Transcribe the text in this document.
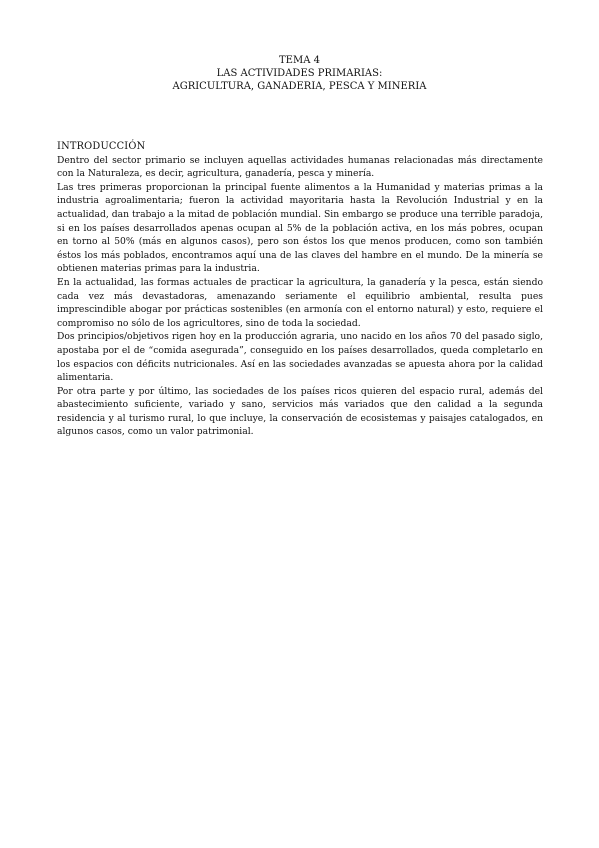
TEMA 4
LAS ACTIVIDADES PRIMARIAS:
AGRICULTURA, GANADERIA, PESCA Y MINERIA

INTRODUCCIÓN

Dentro del sector primario se incluyen aquellas actividades humanas relacionadas más directamente con la Naturaleza, es decir, agricultura, ganadería, pesca y minería.

Las tres primeras proporcionan la principal fuente alimentos a la Humanidad y materias primas a la industria agroalimentaria; fueron la actividad mayoritaria hasta la Revolución Industrial y en la actualidad, dan trabajo a la mitad de población mundial. Sin embargo se produce una terrible paradoja, si en los países desarrollados apenas ocupan al 5% de la población activa, en los más pobres, ocupan en torno al 50% (más en algunos casos), pero son éstos los que menos producen, como son también éstos los más poblados, encontramos aquí una de las claves del hambre en el mundo. De la minería se obtienen materias primas para la industria.

En la actualidad, las formas actuales de practicar la agricultura, la ganadería y la pesca, están siendo cada vez más devastadoras, amenazando seriamente el equilibrio ambiental, resulta pues imprescindible abogar por prácticas sostenibles (en armonía con el entorno natural) y esto, requiere el compromiso no sólo de los agricultores, sino de toda la sociedad.

Dos principios/objetivos rigen hoy en la producción agraria, uno nacido en los años 70 del pasado siglo, apostaba por el de “comida asegurada”, conseguido en los países desarrollados, queda completarlo en los espacios con déficits nutricionales. Así en las sociedades avanzadas se apuesta ahora por la calidad alimentaria.

Por otra parte y por último, las sociedades de los países ricos quieren del espacio rural, además del abastecimiento suficiente, variado y sano, servicios más variados que den calidad a la segunda residencia y al turismo rural, lo que incluye, la conservación de ecosistemas y paisajes catalogados, en algunos casos, como un valor patrimonial.
